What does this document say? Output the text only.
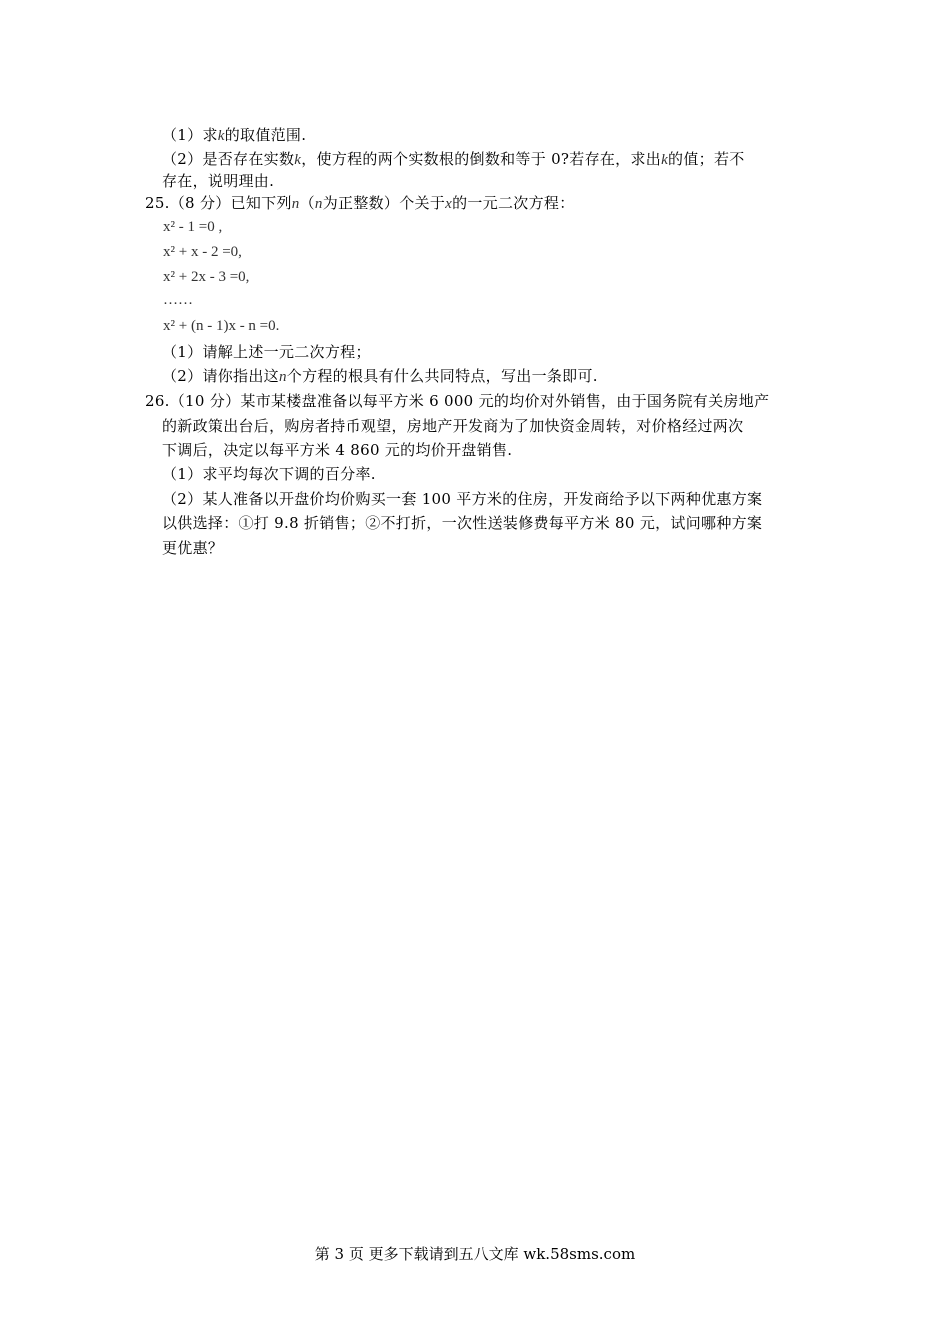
（1）求k的取值范围.
（2）是否存在实数k，使方程的两个实数根的倒数和等于 0?若存在，求出k的值；若不
存在，说明理由.
25.（8 分）已知下列n（n为正整数）个关于x的一元二次方程：
x² - 1 =0 ,
x² + x - 2 =0,
x² + 2x - 3 =0,
……
x² + (n - 1)x - n =0.
（1）请解上述一元二次方程；
（2）请你指出这n个方程的根具有什么共同特点，写出一条即可.
26.（10 分）某市某楼盘准备以每平方米 6 000 元的均价对外销售，由于国务院有关房地产
的新政策出台后，购房者持币观望，房地产开发商为了加快资金周转，对价格经过两次
下调后，决定以每平方米 4 860 元的均价开盘销售.
（1）求平均每次下调的百分率.
（2）某人准备以开盘价均价购买一套 100 平方米的住房，开发商给予以下两种优惠方案
以供选择：①打 9.8 折销售；②不打折，一次性送装修费每平方米 80 元，试问哪种方案
更优惠？
第 3 页 更多下载请到五八文库 wk.58sms.com
